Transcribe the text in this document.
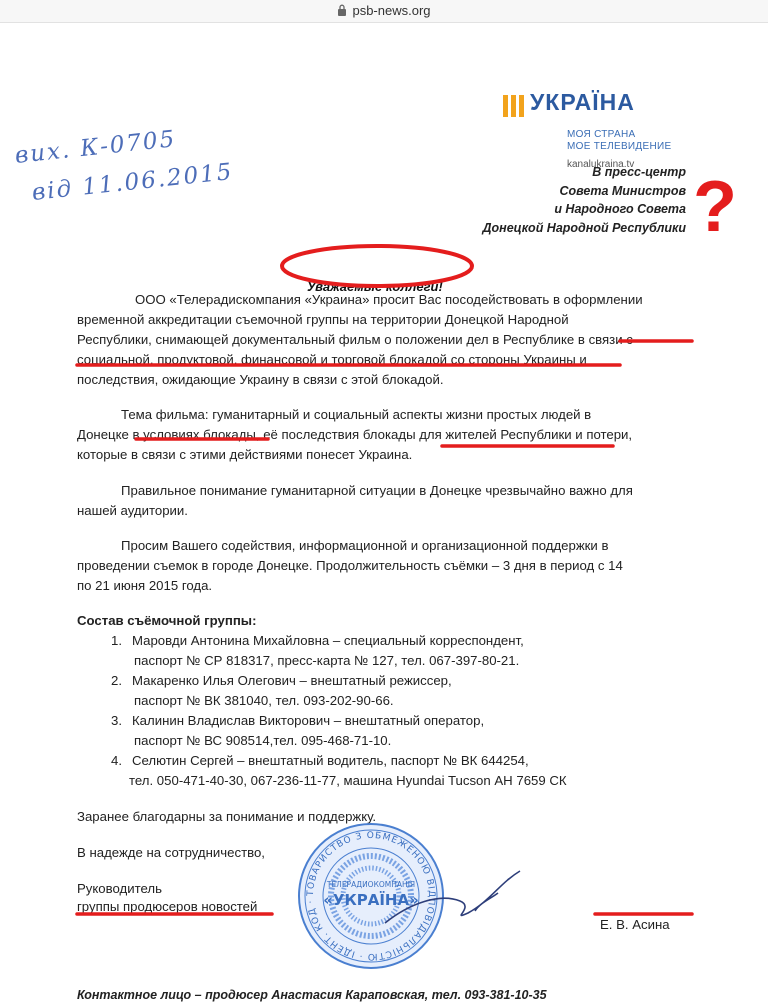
psb-news.org
УКРАЇНА
МОЯ СТРАНА
МОЕ ТЕЛЕВИДЕНИЕ
kanalukraina.tv
вих. К-0705
від 11.06.2015	В пресс-центр
Совета Министров
и Народного Совета
Донецкой Народной Республики ?
Уважаемые коллеги!
ООО «Телерадискомпания «Украина» просит Вас посодействовать в оформлении
временной аккредитации съемочной группы на территории Донецкой Народной
Республики, снимающей документальный фильм о положении дел в Республике в связи с
социальной, продуктовой, финансовой и торговой блокадой со стороны Украины и
последствия, ожидающие Украину в связи с этой блокадой.
Тема фильма: гуманитарный и социальный аспекты жизни простых людей в
Донецке в условиях блокады, её последствия блокады для жителей Республики и потери,
которые в связи с этими действиями понесет Украина.
Правильное понимание гуманитарной ситуации в Донецке чрезвычайно важно для
нашей аудитории.
Просим Вашего содействия, информационной и организационной поддержки в
проведении съемок в городе Донецке. Продолжительность съёмки – 3 дня в период с 14
по 21 июня 2015 года.
Состав съёмочной группы:
1. Маровди Антонина Михайловна – специальный корреспондент,
паспорт № СР 818317, пресс-карта № 127, тел. 067-397-80-21.
2. Макаренко Илья Олегович – внештатный режиссер,
паспорт № ВК 381040, тел. 093-202-90-66.
3. Калинин Владислав Викторович – внештатный оператор,
паспорт № ВС 908514,тел. 095-468-71-10.
4. Селютин Сергей – внештатный водитель, паспорт № ВК 644254,
тел. 050-471-40-30, 067-236-11-77, машина Hyundai Tucson АН 7659 СК
Заранее благодарны за понимание и поддержку.
В надежде на сотрудничество,
Руководитель
группы продюсеров новостей
Е. В. Асина
ТОВАРИСТВО З ОБМЕЖЕНОЮ ВІДПОВІДАЛЬНІСТЮ · ІДЕНТ. КОД ·
ТЕЛЕРАДИОКОМПАНІЯ
«УКРАЇНА»
Контактное лицо – продюсер Анастасия Караповская, тел. 093-381-10-35
